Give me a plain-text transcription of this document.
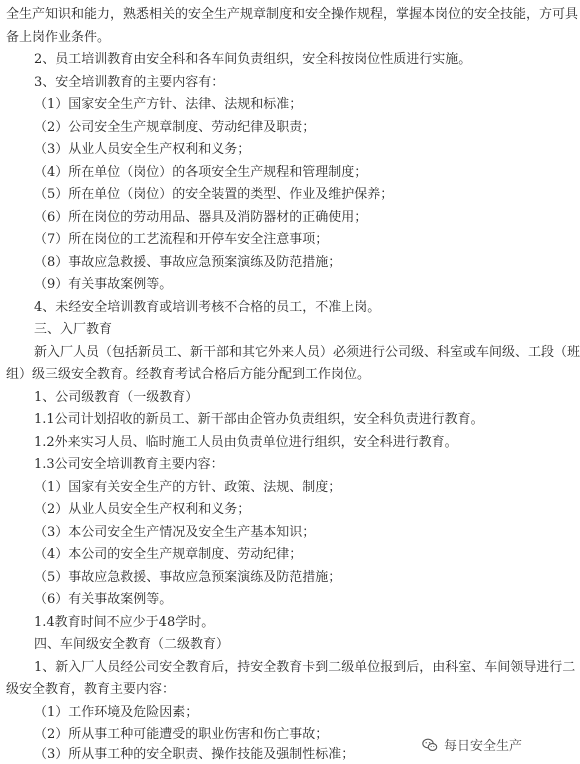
全生产知识和能力，熟悉相关的安全生产规章制度和安全操作规程，掌握本岗位的安全技能，方可具
备上岗作业条件。
2、员工培训教育由安全科和各车间负责组织，安全科按岗位性质进行实施。
3、安全培训教育的主要内容有：
（1）国家安全生产方针、法律、法规和标准；
（2）公司安全生产规章制度、劳动纪律及职责；
（3）从业人员安全生产权利和义务；
（4）所在单位（岗位）的各项安全生产规程和管理制度；
（5）所在单位（岗位）的安全装置的类型、作业及维护保养；
（6）所在岗位的劳动用品、器具及消防器材的正确使用；
（7）所在岗位的工艺流程和开停车安全注意事项；
（8）事故应急救援、事故应急预案演练及防范措施；
（9）有关事故案例等。
4、未经安全培训教育或培训考核不合格的员工，不准上岗。
三、入厂教育
新入厂人员（包括新员工、新干部和其它外来人员）必须进行公司级、科室或车间级、工段（班
组）级三级安全教育。经教育考试合格后方能分配到工作岗位。
1、公司级教育（一级教育）
1.1公司计划招收的新员工、新干部由企管办负责组织，安全科负责进行教育。
1.2外来实习人员、临时施工人员由负责单位进行组织，安全科进行教育。
1.3公司安全培训教育主要内容：
（1）国家有关安全生产的方针、政策、法规、制度；
（2）从业人员安全生产权利和义务；
（3）本公司安全生产情况及安全生产基本知识；
（4）本公司的安全生产规章制度、劳动纪律；
（5）事故应急救援、事故应急预案演练及防范措施；
（6）有关事故案例等。
1.4教育时间不应少于48学时。
四、车间级安全教育（二级教育）
1、新入厂人员经公司安全教育后，持安全教育卡到二级单位报到后，由科室、车间领导进行二
级安全教育，教育主要内容：
（1）工作环境及危险因素；
（2）所从事工种可能遭受的职业伤害和伤亡事故；
（3）所从事工种的安全职责、操作技能及强制性标准；
每日安全生产
